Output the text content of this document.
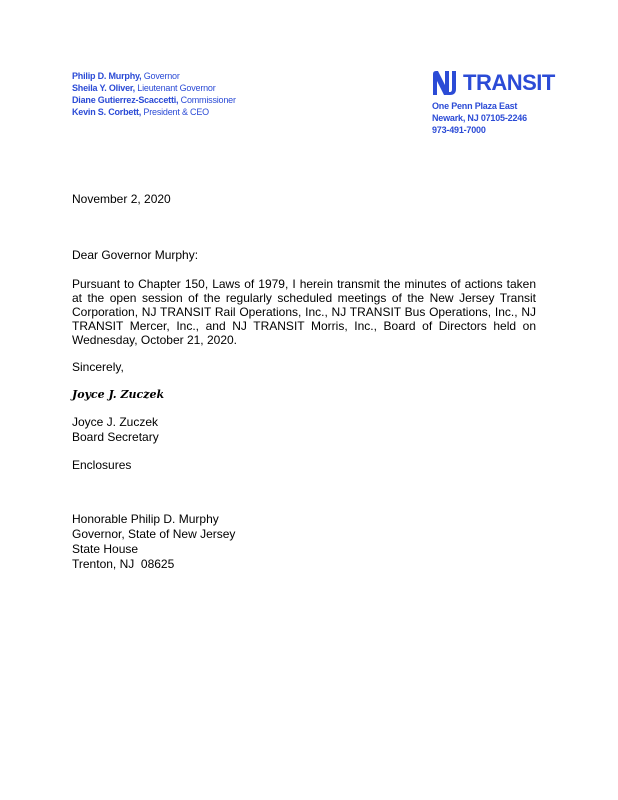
Philip D. Murphy, Governor
Sheila Y. Oliver, Lieutenant Governor
Diane Gutierrez-Scaccetti, Commissioner
Kevin S. Corbett, President & CEO
TRANSIT
One Penn Plaza East
Newark, NJ 07105-2246
973-491-7000
November 2, 2020
Dear Governor Murphy:
Pursuant to Chapter 150, Laws of 1979, I herein transmit the minutes of actions taken at the open session of the regularly scheduled meetings of the New Jersey Transit Corporation, NJ TRANSIT Rail Operations, Inc., NJ TRANSIT Bus Operations, Inc., NJ TRANSIT Mercer, Inc., and NJ TRANSIT Morris, Inc., Board of Directors held on Wednesday, October 21, 2020.
Sincerely,
Joyce J. Zuczek
Joyce J. Zuczek
Board Secretary
Enclosures
Honorable Philip D. Murphy
Governor, State of New Jersey
State House
Trenton, NJ  08625
